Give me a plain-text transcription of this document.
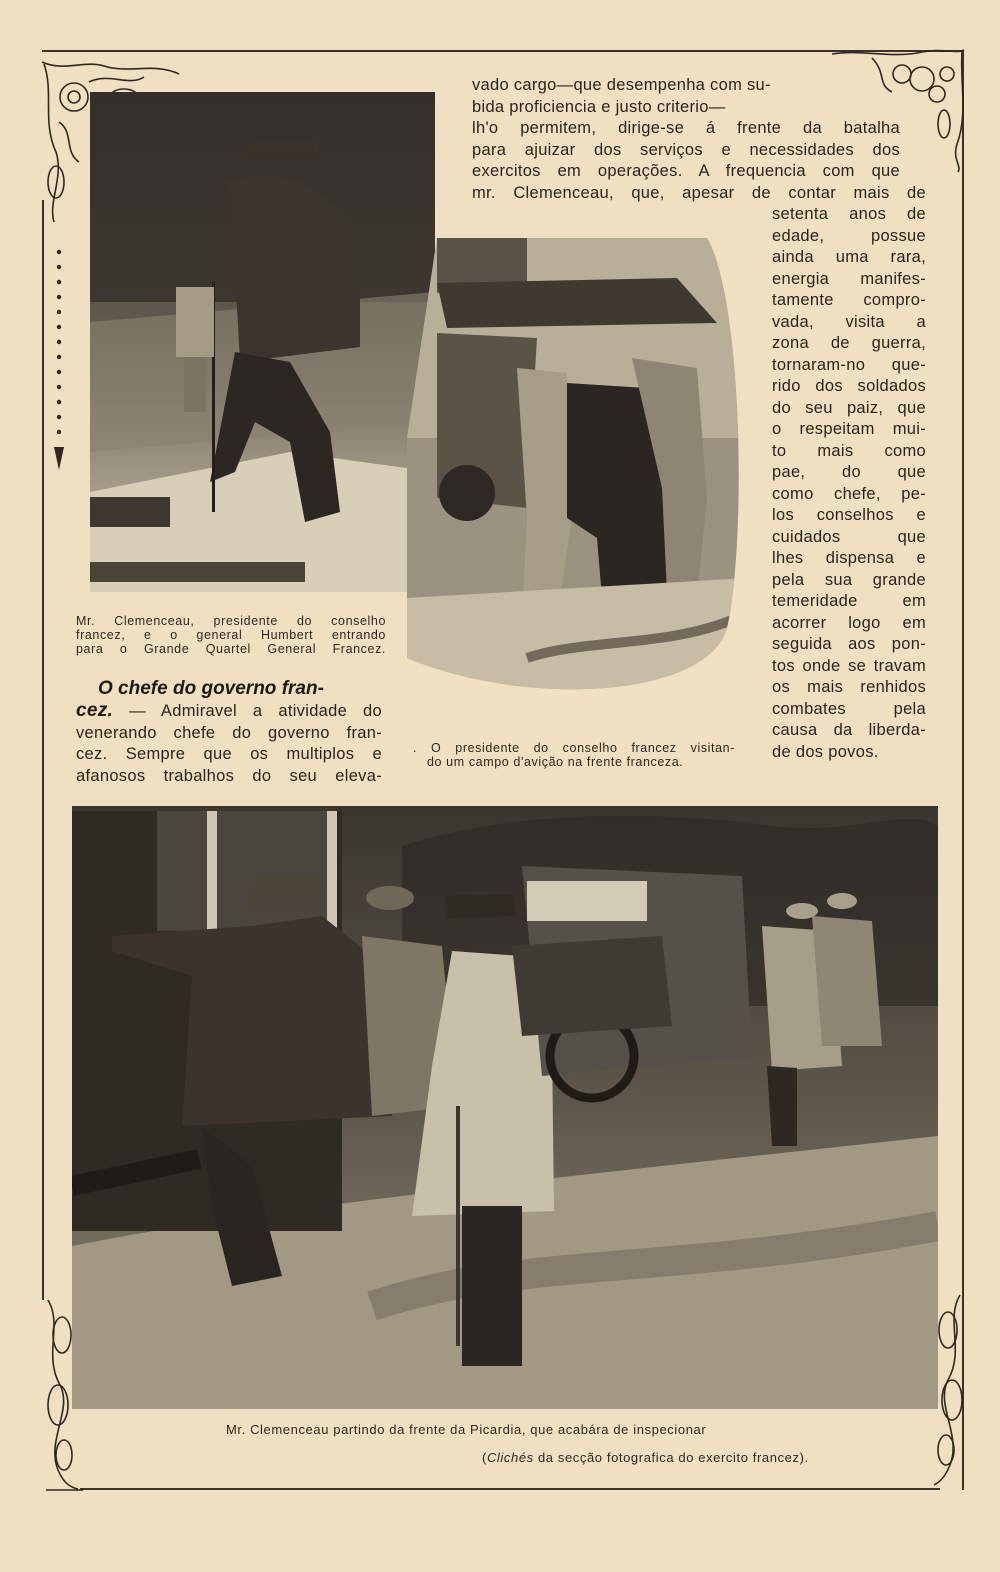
Mr. Clemenceau, presidente do conselho
francez, e o general Humbert entrando
para o Grande Quartel General Francez.
. O presidente do conselho francez visitan-
do um campo d'avição na frente franceza.
vado cargo—que desempenha com su-
bida proficiencia e justo criterio—
lh'o permitem, dirige-se á frente da batalha
para ajuizar dos serviços e necessidades dos
exercitos em operações. A frequencia com que
mr. Clemenceau, que, apesar de contar mais de
setenta anos de
edade, possue
ainda uma rara,
energia manifes-
tamente compro-
vada, visita a
zona de guerra,
tornaram-no que-
rido dos soldados
do seu paiz, que
o respeitam mui-
to mais como
pae, do que
como chefe, pe-
los conselhos e
cuidados que
lhes dispensa e
pela sua grande
temeridade em
acorrer logo em
seguida aos pon-
tos onde se travam
os mais renhidos
combates pela
causa da liberda-
de dos povos.
O chefe do governo fran-
cez. — Admiravel a atividade do
venerando chefe do governo fran-
cez. Sempre que os multiplos e
afanosos trabalhos do seu eleva-
Mr. Clemenceau partindo da frente da Picardia, que acabára de inspecionar
(Clichés da secção fotografica do exercito francez).
